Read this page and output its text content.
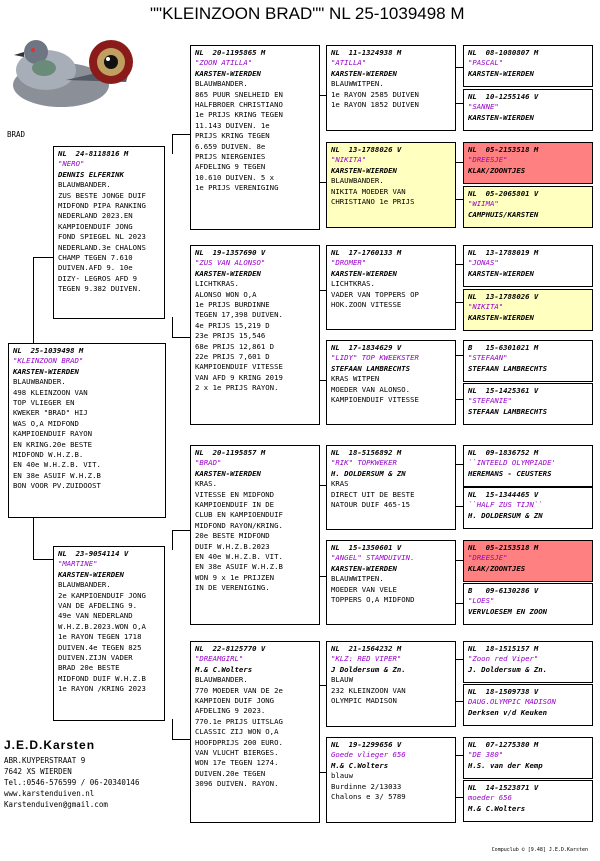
""KLEINZOON BRAD"" NL 25-1039498 M
BRAD
NL  25-1039498 M
"KLEINZOON BRAD"
KARSTEN-WIERDEN
BLAUWBANDER.
498 KLEINZOON VAN
TOP VLIEGER EN
KWEKER "BRAD" HIJ
WAS O,A MIDFOND
KAMPIOENDUIF RAYON
EN KRING.20e BESTE
MIDFOND W.H.Z.B.
EN 40e W.H.Z.B. VIT.
EN 38e ASUIF W.H.Z.B
BON VOOR PV.ZUIDOOST
NL  24-8118816 M
"NERO"
DENNIS ELFERINK
BLAUWBANDER.
ZUS BESTE JONGE DUIF
MIDFOND PIPA RANKING
NEDERLAND 2023.EN
KAMPIOENDUIF JONG
FOND SPIEGEL NL 2023
NEDERLAND.3e CHALONS
CHAMP TEGEN 7.610
DUIVEN.AFD 9. 10e
DIZY- LEGROS AFD 9
TEGEN 9.382 DUIVEN.
NL  23-9054114 V
"MARTINE"
KARSTEN-WIERDEN
BLAUWBANDER.
2e KAMPIOENDUIF JONG
VAN DE AFDELING 9.
49e VAN NEDERLAND
W.H.Z.B.2023.WON O,A
1e RAYON TEGEN 1718
DUIVEN.4e TEGEN 825
DUIVEN.ZIJN VADER
BRAD 20e BESTE
MIDFOND DUIF W.H.Z.B
1e RAYON /KRING 2023
NL  20-1195865 M
"ZOON ATILLA"
KARSTEN-WIERDEN
BLAUWBANDER.
865 PUUR SNELHEID EN
HALFBROER CHRISTIANO
1e PRIJS KRING TEGEN
11.143 DUIVEN. 1e
PRIJS KRING TEGEN
6.659 DUIVEN. 8e
PRIJS NIERGENIES
AFDELING 9 TEGEN
10.610 DUIVEN. 5 x
1e PRIJS VERENIGING
NL  19-1357690 V
"ZUS VAN ALONSO"
KARSTEN-WIERDEN
LICHTKRAS.
ALONSO WON O,A
1e PRIJS BURDINNE
TEGEN 17,398 DUIVEN.
4e PRIJS 15,219 D
23e PRIJS 15,546
68e PRIJS 12,861 D
22e PRIJS 7,601 D
KAMPIOENDUIF VITESSE
VAN AFD 9 KRING 2019
2 x 1e PRIJS RAYON.
NL  20-1195857 M
"BRAD"
KARSTEN-WIERDEN
KRAS.
VITESSE EN MIDFOND
KAMPIOENDUIF IN DE
CLUB EN KAMPIOENDUIF
MIDFOND RAYON/KRING.
20e BESTE MIDFOND
DUIF W.H.Z.B.2023
EN 40e W.H.Z.B. VIT.
EN 38e ASUIF W.H.Z.B
WON 9 x 1e PRIJZEN
IN DE VERENIGING.
NL  22-8125770 V
"DREAMGIRL"
M.& C.Wolters
BLAUWBANDER.
770 MOEDER VAN DE 2e
KAMPIOEN DUIF JONG
AFDELING 9 2023.
770.1e PRIJS UITSLAG
CLASSIC ZIJ WON O,A
HOOFDPRIJS 200 EURO.
VAN VLUCHT BIERGES.
WON 17e TEGEN 1274.
DUIVEN.20e TEGEN
3096 DUIVEN. RAYON.
NL  11-1324938 M
"ATILLA"
KARSTEN-WIERDEN
BLAUWWITPEN.
1e RAYON 2585 DUIVEN
1e RAYON 1852 DUIVEN
NL  13-1788026 V
"NIKITA"
KARSTEN-WIERDEN
BLAUWBANDER.
NIKITA MOEDER VAN
CHRISTIANO 1e PRIJS
NL  17-1760133 M
"DROMER"
KARSTEN-WIERDEN
LICHTKRAS.
VADER VAN TOPPERS OP
HOK.ZOON VITESSE
NL  17-1834629 V
"LIDY" TOP KWEEKSTER
STEFAAN LAMBRECHTS
KRAS WITPEN
MOEDER VAN ALONSO.
KAMPIOENDUIF VITESSE
NL  18-5156892 M
"RIK" TOPKWEKER
H. DOLDERSUM & ZN
KRAS
DIRECT UIT DE BESTE
NATOUR DUIF 465-15
NL  15-1350601 V
"ANGEL" STAMDUIVIN.
KARSTEN-WIERDEN
BLAUWWITPEN.
MOEDER VAN VELE
TOPPERS O,A MIDFOND
NL  21-1564232 M
"KLZ: RED VIPER"
J Doldersum & Zn.
BLAUW
232 KLEINZOON VAN
OLYMPIC MADISON
NL  19-1299656 V
Goede vlieger 656
M.& C.Wolters
blauw
Burdinne 2/13033
Chalons e 3/ 5789
NL  08-1080807 M
"PASCAL"
KARSTEN-WIERDEN
NL  10-1255146 V
"SANNE"
KARSTEN-WIERDEN
NL  05-2153518 M
"DREESJE"
KLAK/ZOONTJES
NL  05-2065801 V
"WIIMA"
CAMPHUIS/KARSTEN
NL  13-1788019 M
"JONAS"
KARSTEN-WIERDEN
NL  13-1788026 V
"NIKITA"
KARSTEN-WIERDEN
B   15-6301021 M
"STEFAAN"
STEFAAN LAMBRECHTS
NL  15-1425361 V
"STEFANIE"
STEFAAN LAMBRECHTS
NL  09-1836752 M
``INTEELD OLYMPIADE'
HEREMANS - CEUSTERS
NL  15-1344465 V
``HALF ZUS TIJN``
H. DOLDERSUM & ZN
NL  05-2153518 M
"DREESJE"
KLAK/ZOONTJES
B   09-6130286 V
"LOES"
VERVLOESEM EN ZOON
NL  18-1515157 M
"Zoon red Viper"
J. Doldersum & Zn.
NL  18-1509738 V
DAUG.OLYMPIC MADISON
Derksen v/d Keuken
NL  07-1275380 M
"DE 380"
H.S. van der Kemp
NL  14-1523871 V
moeder 656
M.& C.Wolters
J.E.D.Karsten
ABR.KUYPERSTRAAT 9
7642 XS WIERDEN
Tel.:0546-576599 / 06-20340146
www.karstenduiven.nl
Karstenduiven@gmail.com
Compuclub © [9.48] J.E.D.Karsten
